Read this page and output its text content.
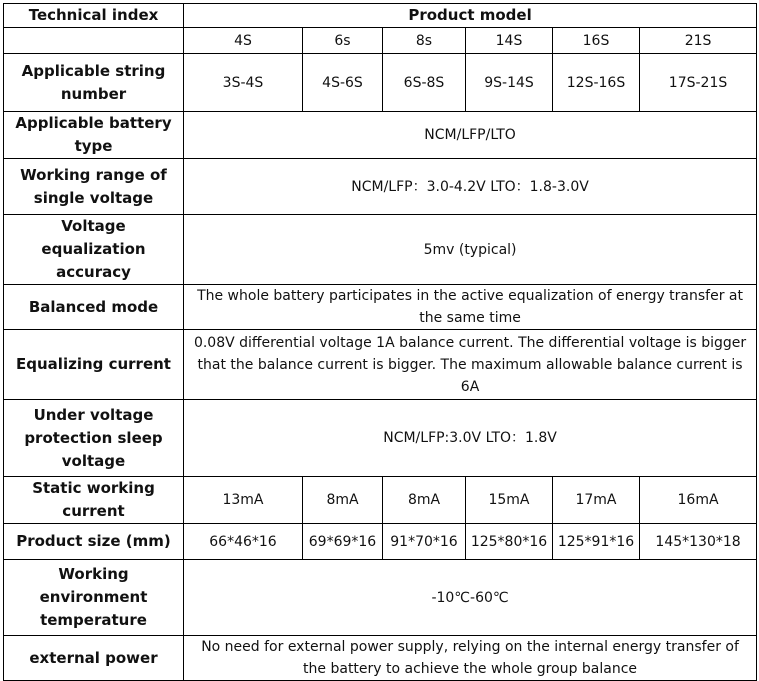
Technical index	Product model					
	4S	6s	8s	14S	16S	21S
Applicable string number	3S-4S	4S-6S	6S-8S	9S-14S	12S-16S	17S-21S
Applicable battery type	NCM/LFP/LTO					
Working range of single voltage	NCM/LFP：3.0-4.2V LTO：1.8-3.0V					
Voltage equalization accuracy	5mv (typical)					
Balanced mode	The whole battery participates in the active equalization of energy transfer at the same time					
Equalizing current	0.08V differential voltage 1A balance current. The differential voltage is bigger that the balance current is bigger. The maximum allowable balance current is 6A					
Under voltage protection sleep voltage	NCM/LFP:3.0V LTO：1.8V					
Static working current	13mA	8mA	8mA	15mA	17mA	16mA
Product size (mm)	66*46*16	69*69*16	91*70*16	125*80*16	125*91*16	145*130*18
Working environment temperature	-10℃-60℃					
external power	No need for external power supply, relying on the internal energy transfer of the battery to achieve the whole group balance					
